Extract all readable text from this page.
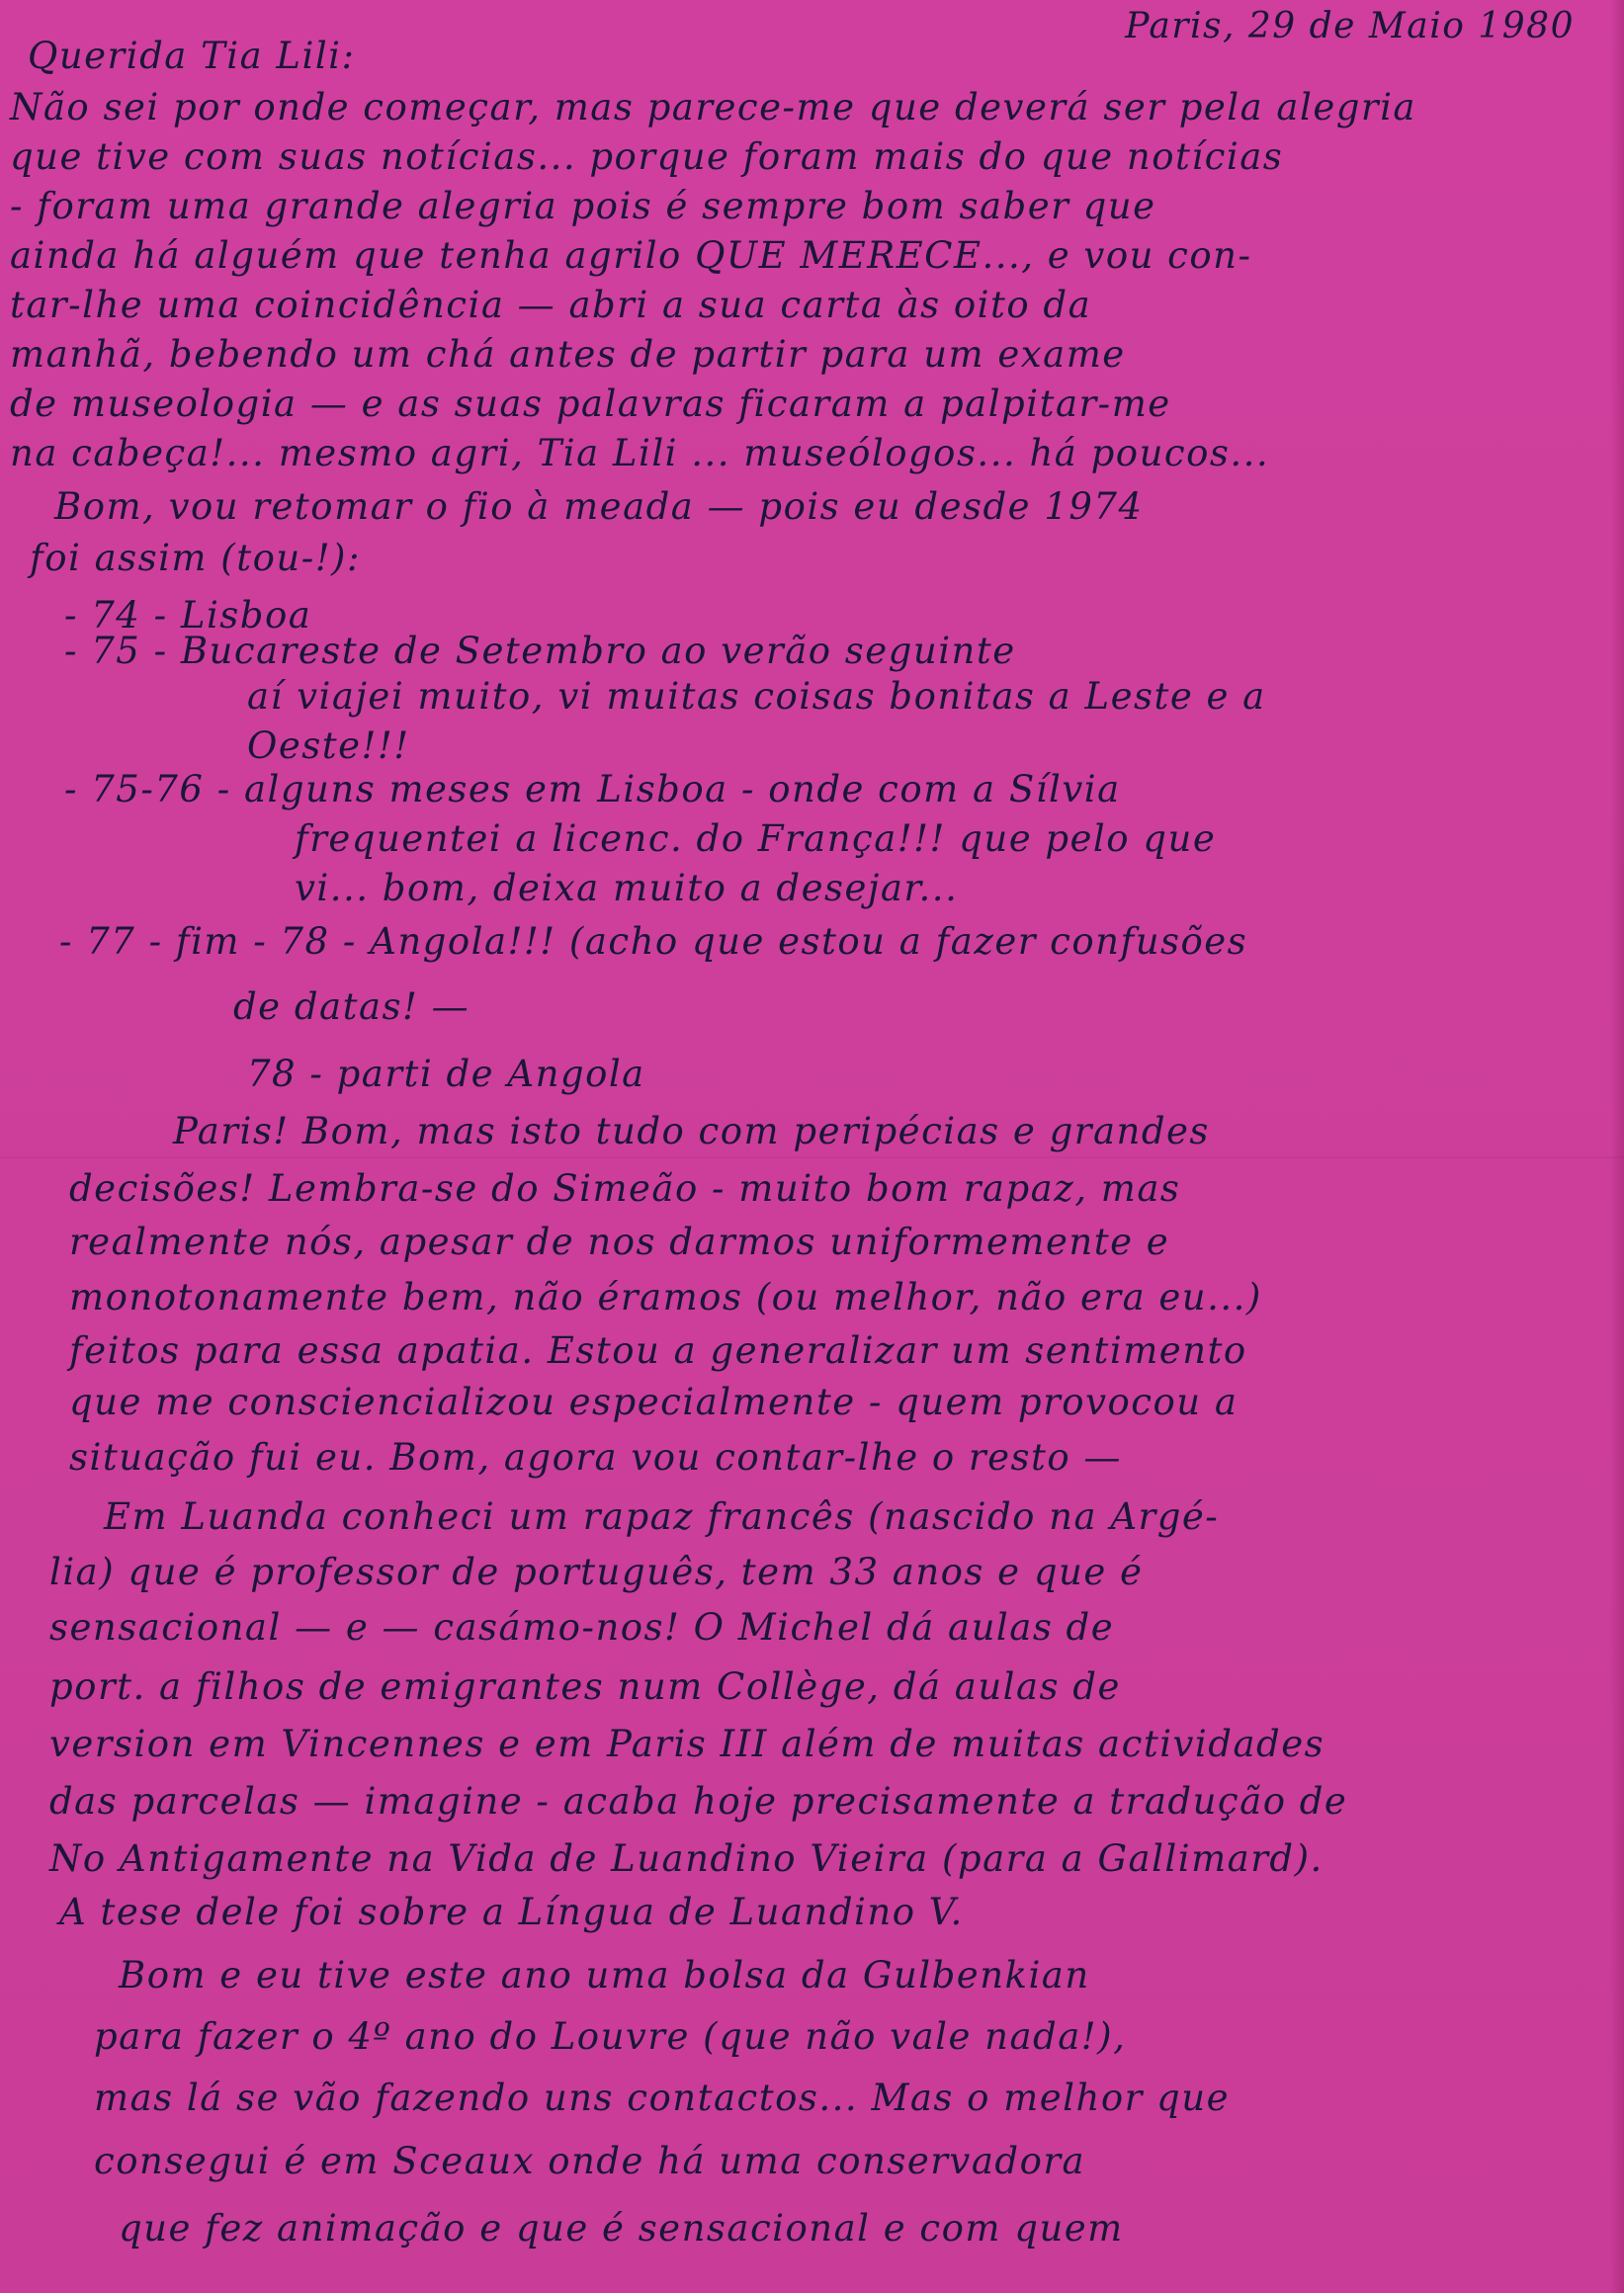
Paris, 29 de Maio 1980
Querida Tia Lili:
Não sei por onde começar, mas parece-me que deverá ser pela alegria
que tive com suas notícias... porque foram mais do que notícias
- foram uma grande alegria pois é sempre bom saber que
ainda há alguém que tenha agrilo QUE MERECE..., e vou con-
tar-lhe uma coincidência — abri a sua carta às oito da
manhã, bebendo um chá antes de partir para um exame
de museologia — e as suas palavras ficaram a palpitar-me
na cabeça!... mesmo agri, Tia Lili ... museólogos... há poucos...
Bom, vou retomar o fio à meada — pois eu desde 1974
foi assim (tou-!):
- 74 - Lisboa
- 75 - Bucareste de Setembro ao verão seguinte
aí viajei muito, vi muitas coisas bonitas a Leste e a
Oeste!!!
- 75-76 - alguns meses em Lisboa - onde com a Sílvia
frequentei a licenc. do França!!! que pelo que
vi... bom, deixa muito a desejar...
- 77 - fim - 78 - Angola!!! (acho que estou a fazer confusões
de datas! —
78 - parti de Angola
Paris! Bom, mas isto tudo com peripécias e grandes
decisões! Lembra-se do Simeão - muito bom rapaz, mas
realmente nós, apesar de nos darmos uniformemente e
monotonamente bem, não éramos (ou melhor, não era eu...)
feitos para essa apatia. Estou a generalizar um sentimento
que me consciencializou especialmente - quem provocou a
situação fui eu. Bom, agora vou contar-lhe o resto —
Em Luanda conheci um rapaz francês (nascido na Argé-
lia) que é professor de português, tem 33 anos e que é
sensacional — e — casámo-nos! O Michel dá aulas de
port. a filhos de emigrantes num Collège, dá aulas de
version em Vincennes e em Paris III além de muitas actividades
das parcelas — imagine - acaba hoje precisamente a tradução de
No Antigamente na Vida de Luandino Vieira (para a Gallimard).
A tese dele foi sobre a Língua de Luandino V.
Bom e eu tive este ano uma bolsa da Gulbenkian
para fazer o 4º ano do Louvre (que não vale nada!),
mas lá se vão fazendo uns contactos... Mas o melhor que
consegui é em Sceaux onde há uma conservadora
que fez animação e que é sensacional e com quem
